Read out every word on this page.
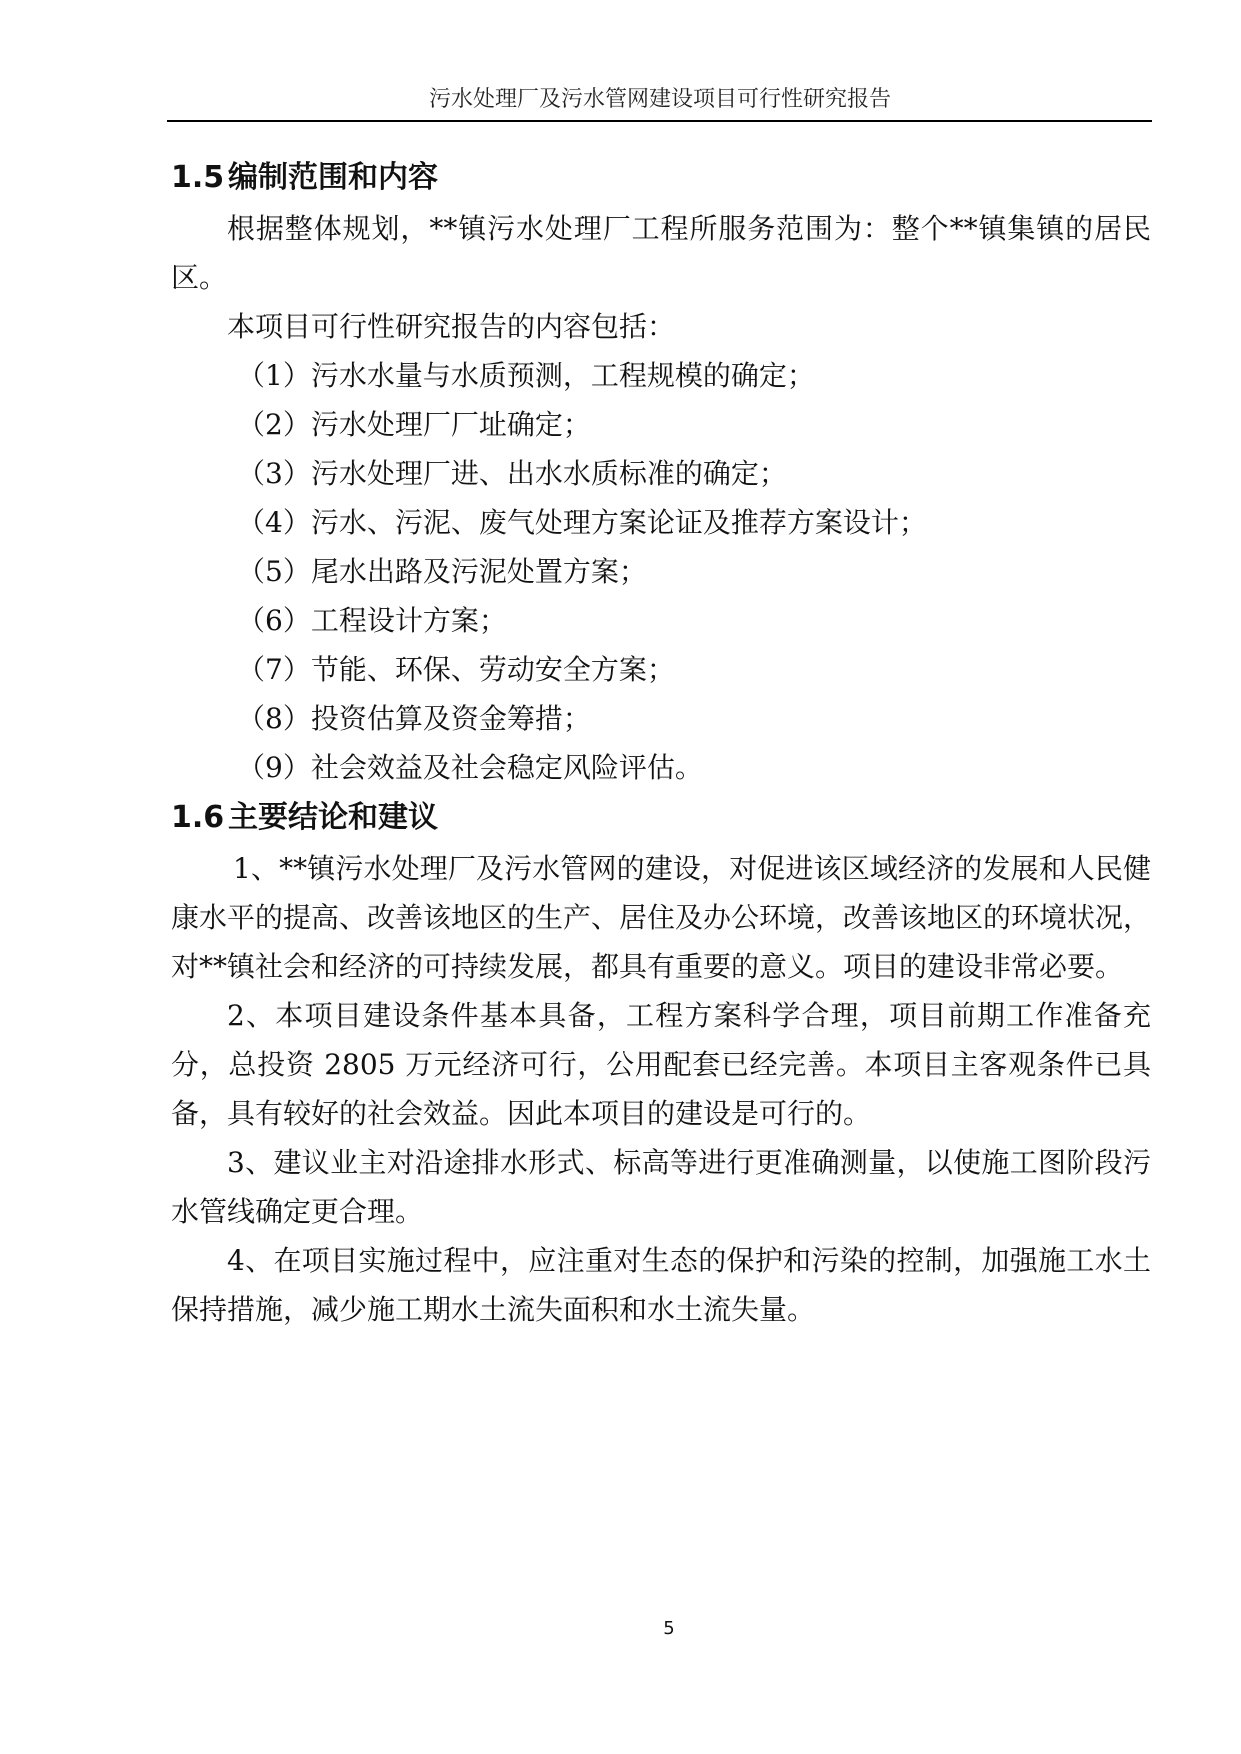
污水处理厂及污水管网建设项目可行性研究报告
1.5 编制范围和内容

根据整体规划，**镇污水处理厂工程所服务范围为：整个**镇集镇的居民区。

本项目可行性研究报告的内容包括：

（1）污水水量与水质预测，工程规模的确定；

（2）污水处理厂厂址确定；

（3）污水处理厂进、出水水质标准的确定；

（4）污水、污泥、废气处理方案论证及推荐方案设计；

（5）尾水出路及污泥处置方案；

（6）工程设计方案；

（7）节能、环保、劳动安全方案；

（8）投资估算及资金筹措；

（9）社会效益及社会稳定风险评估。

1.6 主要结论和建议

1、**镇污水处理厂及污水管网的建设，对促进该区域经济的发展和人民健康水平的提高、改善该地区的生产、居住及办公环境，改善该地区的环境状况，对**镇社会和经济的可持续发展，都具有重要的意义。项目的建设非常必要。

2、本项目建设条件基本具备，工程方案科学合理，项目前期工作准备充分，总投资 2805 万元经济可行，公用配套已经完善。本项目主客观条件已具备，具有较好的社会效益。因此本项目的建设是可行的。

3、建议业主对沿途排水形式、标高等进行更准确测量，以使施工图阶段污水管线确定更合理。

4、在项目实施过程中，应注重对生态的保护和污染的控制，加强施工水土保持措施，减少施工期水土流失面积和水土流失量。

5
